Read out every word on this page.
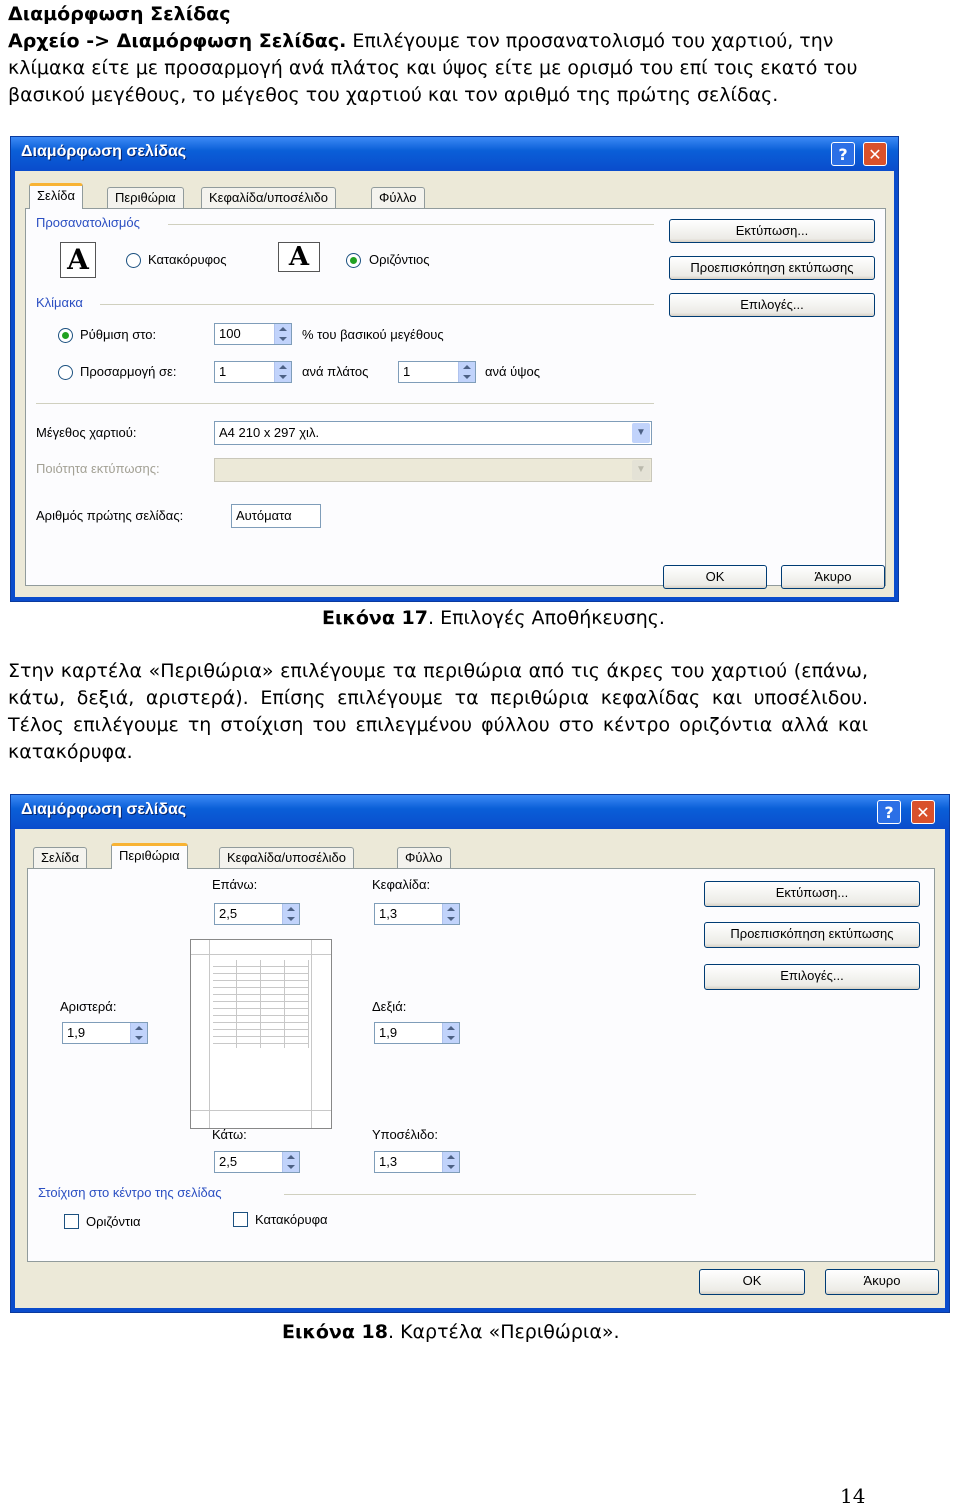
Διαμόρφωση Σελίδας
Αρχείο -> Διαμόρφωση Σελίδας. Επιλέγουμε τον προσανατολισμό του χαρτιού, την κλίμακα είτε με προσαρμογή ανά πλάτος και ύψος είτε με ορισμό του επί τοις εκατό του βασικού μεγέθους, το μέγεθος του χαρτιού και τον αριθμό της πρώτης σελίδας.
Διαμόρφωση σελίδας	?	✕
Σελίδα	Περιθώρια	Κεφαλίδα/υποσέλιδο	Φύλλο
Προσανατολισμός
A	Κατακόρυφος	A	Οριζόντιος
Κλίμακα
Ρύθμιση στο:	100	% του βασικού μεγέθους
Προσαρμογή σε:	1	ανά πλάτος	1	ανά ύψος
Μέγεθος χαρτιού:	A4 210 x 297 χιλ.	▼
Ποιότητα εκτύπωσης:	▼
Αριθμός πρώτης σελίδας:	Αυτόματα
Εκτύπωση...
Προεπισκόπηση εκτύπωσης
Επιλογές...
OK	Άκυρο
Εικόνα 17. Επιλογές Αποθήκευσης.
Στην καρτέλα «Περιθώρια» επιλέγουμε τα περιθώρια από τις άκρες του χαρτιού (επάνω, κάτω, δεξιά, αριστερά). Επίσης επιλέγουμε τα περιθώρια κεφαλίδας και υποσέλιδου. Τέλος επιλέγουμε τη στοίχιση του επιλεγμένου φύλλου στο κέντρο οριζόντια αλλά και κατακόρυφα.
Διαμόρφωση σελίδας	?	✕
Σελίδα	Περιθώρια	Κεφαλίδα/υποσέλιδο	Φύλλο
Επάνω:
2,5
Κεφαλίδα:
1,3
Αριστερά:
1,9
Δεξιά:
1,9
Κάτω:
2,5
Υποσέλιδο:
1,3
Στοίχιση στο κέντρο της σελίδας
Οριζόντια	Κατακόρυφα
Εκτύπωση...
Προεπισκόπηση εκτύπωσης
Επιλογές...
OK	Άκυρο
Εικόνα 18. Καρτέλα «Περιθώρια».
14
